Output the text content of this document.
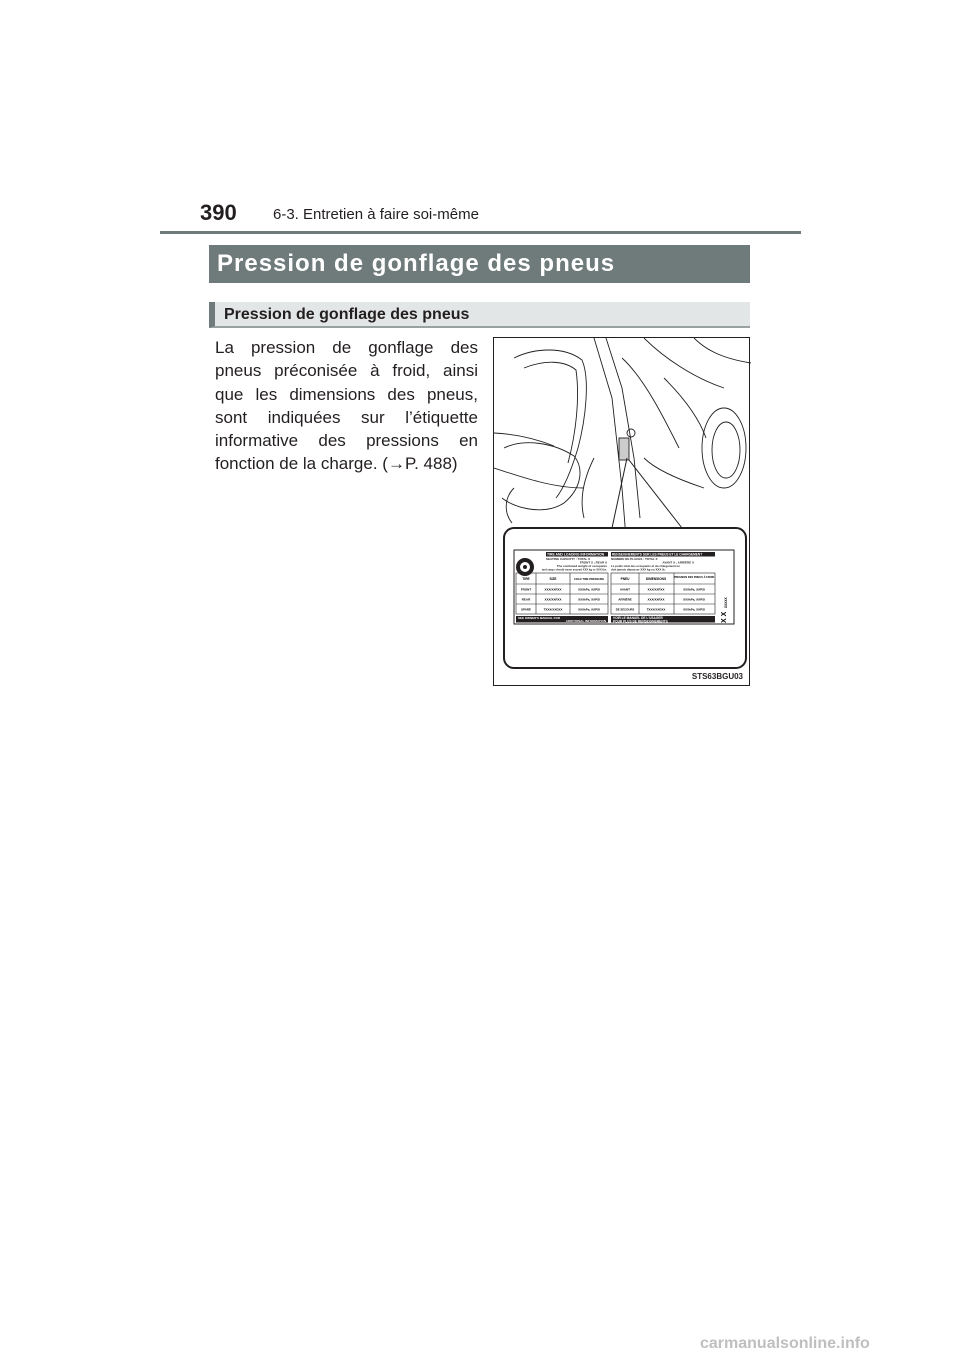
390 6-3. Entretien à faire soi-même
Pression de gonflage des pneus
Pression de gonflage des pneus
La pression de gonflage des pneus préconisée à froid, ainsi que les dimensions des pneus, sont indiquées sur l’étiquette informative des pressions en fonction de la charge. (→P. 488)
TIRE AND LOADING INFORMATION
SEATING CAPACITY : TOTAL X
FRONT X ; REAR X
The combined weight of occupants
and cargo should never exceed XXX kg or XXX lbs.
RENSEIGNEMENTS SUR LES PNEUS ET LE CHARGEMENT
NOMBRE DE PLACES : TOTAL X
AVANT X ; ARRIÈRE X
Le poids total des occupants et du chargement ne
doit jamais dépasser XXX kg ou XXX lb.
TIRE	SIZE	COLD TIRE PRESSURE
FRONT	XXX/XXRXX	XXXkPa, XXPSI
REAR	XXX/XXRXX	XXXkPa, XXPSI
SPARE	TXXX/XXDXX	XXXkPa, XXPSI
PNEU	DIMENSIONS	PRESSION DES PNEUS À FROID
AVANT	XXX/XXRXX	XXXkPa, XXPSI
ARRIÈRE	XXX/XXRXX	XXXkPa, XXPSI
DE SECOURS	TXXX/XXDXX	XXXkPa, XXPSI
SEE OWNER'S MANUAL FOR
ADDITIONAL INFORMATION
VOIR LE MANUEL DE L'USAGER
POUR PLUS DE RENSEIGNEMENTS
XXXXX
X X
STS63BGU03
carmanualsonline.info
